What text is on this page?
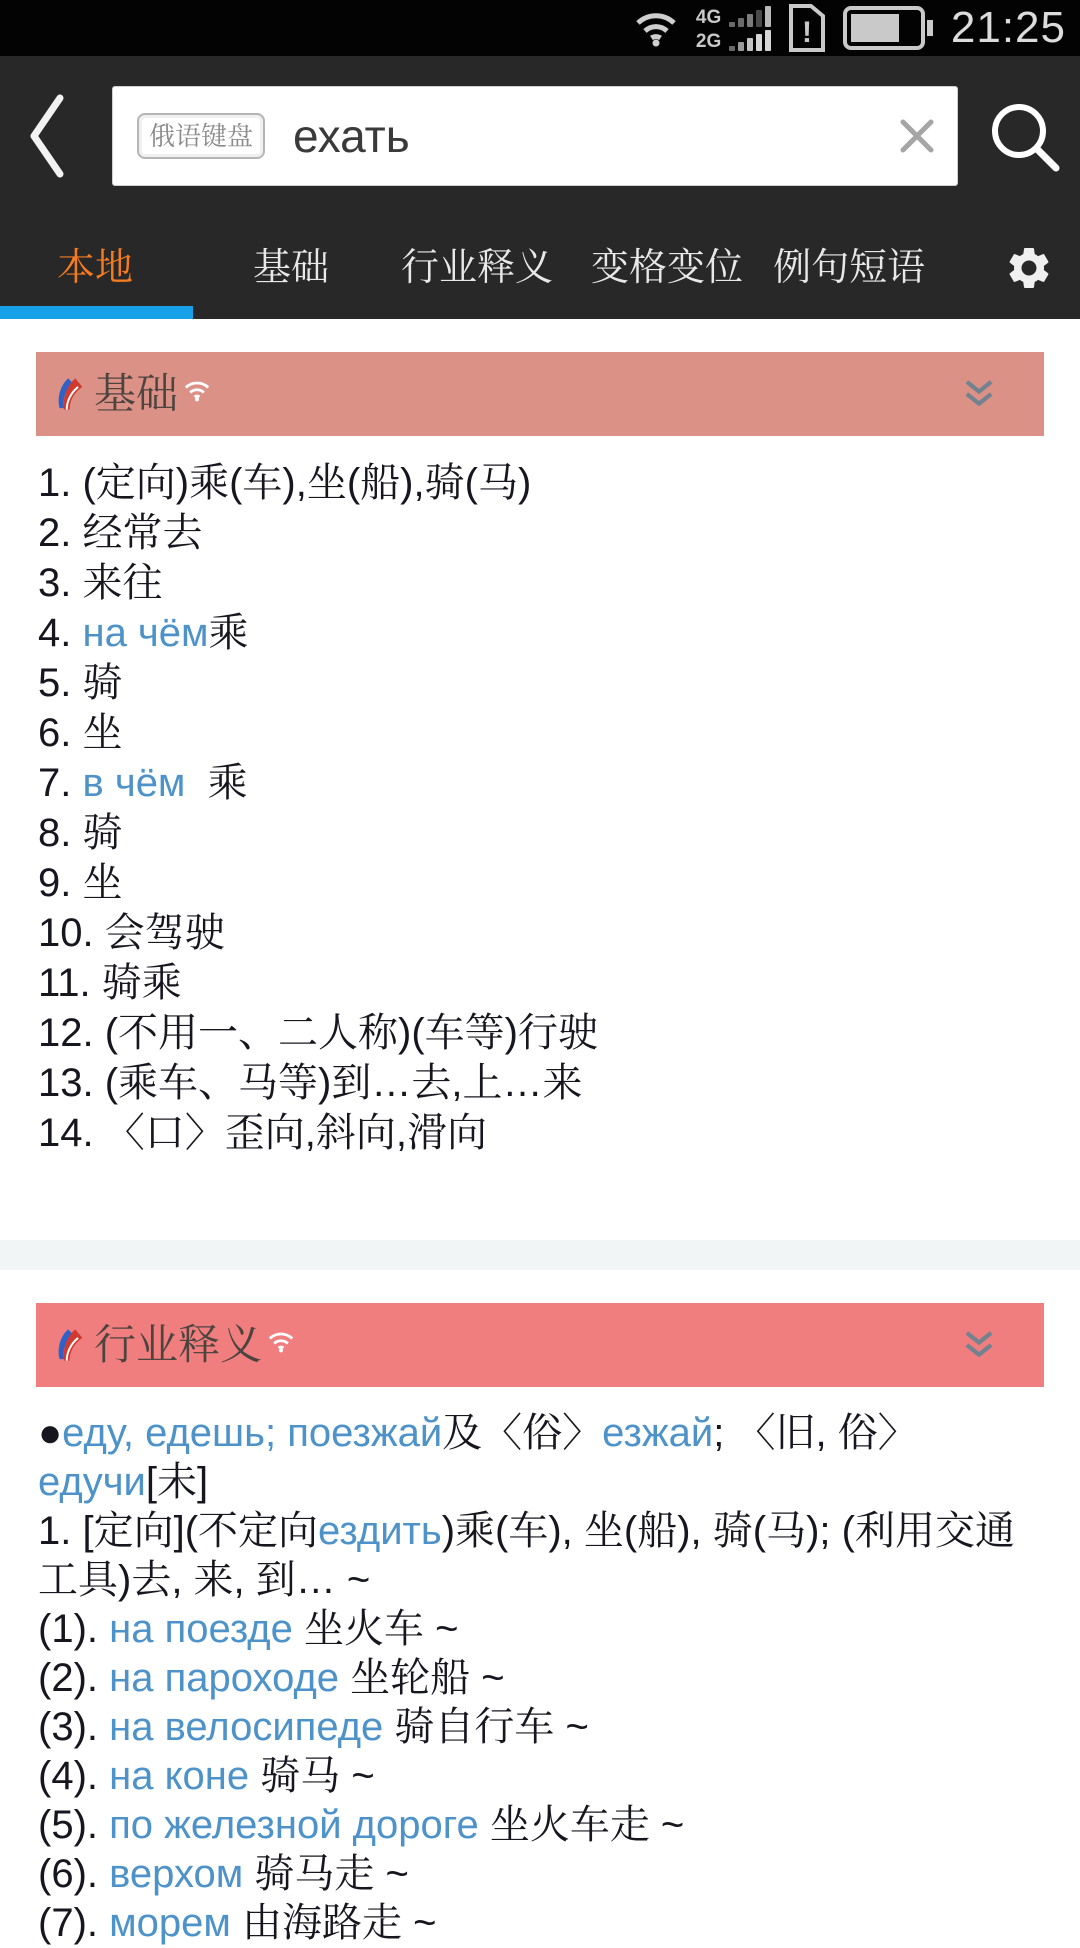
4G
2G	!	21:25
俄语键盘 ехать
本地	基础 行业释义 变格变位 例句短语
基础
1. (定向)乘(车),坐(船),骑(马)
2. 经常去
3. 来往
4. на чём乘
5. 骑
6. 坐
7. в чём  乘
8. 骑
9. 坐
10. 会驾驶
11. 骑乘
12. (不用一、二人称)(车等)行驶
13. (乘车、马等)到…去,上…来
14. 〈口〉歪向,斜向,滑向
行业释义
●еду, едешь; поезжай及〈俗〉езжай; 〈旧, 俗〉едучи[未]
1. [定向](不定向ездить)乘(车), 坐(船), 骑(马); (利用交通工具)去, 来, 到… ~
(1). на поезде 坐火车 ~
(2). на пароходе 坐轮船 ~
(3). на велосипеде 骑自行车 ~
(4). на коне 骑马 ~
(5). по железной дороге 坐火车走 ~
(6). верхом 骑马走 ~
(7). морем 由海路走 ~
